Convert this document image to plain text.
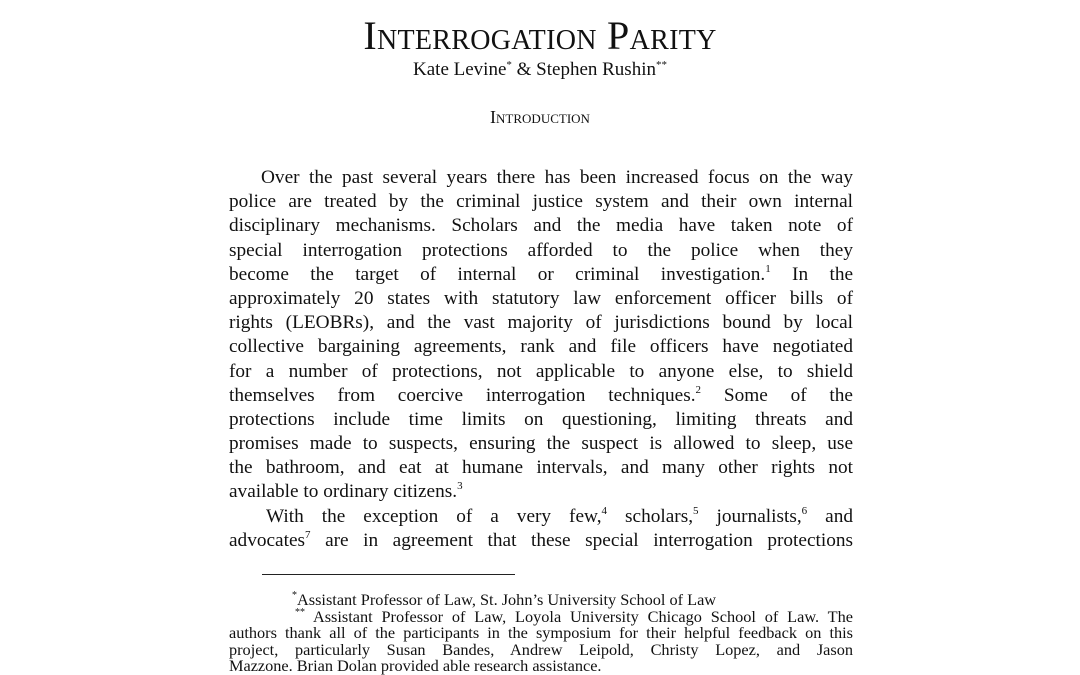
Interrogation Parity
Kate Levine* & Stephen Rushin**
Introduction
Over the past several years there has been increased focus on the way
police are treated by the criminal justice system and their own internal
disciplinary mechanisms. Scholars and the media have taken note of
special interrogation protections afforded to the police when they
become the target of internal or criminal investigation.$^1$ In the
approximately 20 states with statutory law enforcement officer bills of
rights (LEOBRs), and the vast majority of jurisdictions bound by local
collective bargaining agreements, rank and file officers have negotiated
for a number of protections, not applicable to anyone else, to shield
themselves from coercive interrogation techniques.$^2$ Some of the
protections include time limits on questioning, limiting threats and
promises made to suspects, ensuring the suspect is allowed to sleep, use
the bathroom, and eat at humane intervals, and many other rights not
available to ordinary citizens.$^3$
With the exception of a very few,$^4$ scholars,$^5$ journalists,$^6$ and
advocates$^7$ are in agreement that these special interrogation protections
*Assistant Professor of Law, St. John’s University School of Law
** Assistant Professor of Law, Loyola University Chicago School of Law. The
authors thank all of the participants in the symposium for their helpful feedback on this
project, particularly Susan Bandes, Andrew Leipold, Christy Lopez, and Jason
Mazzone. Brian Dolan provided able research assistance.
